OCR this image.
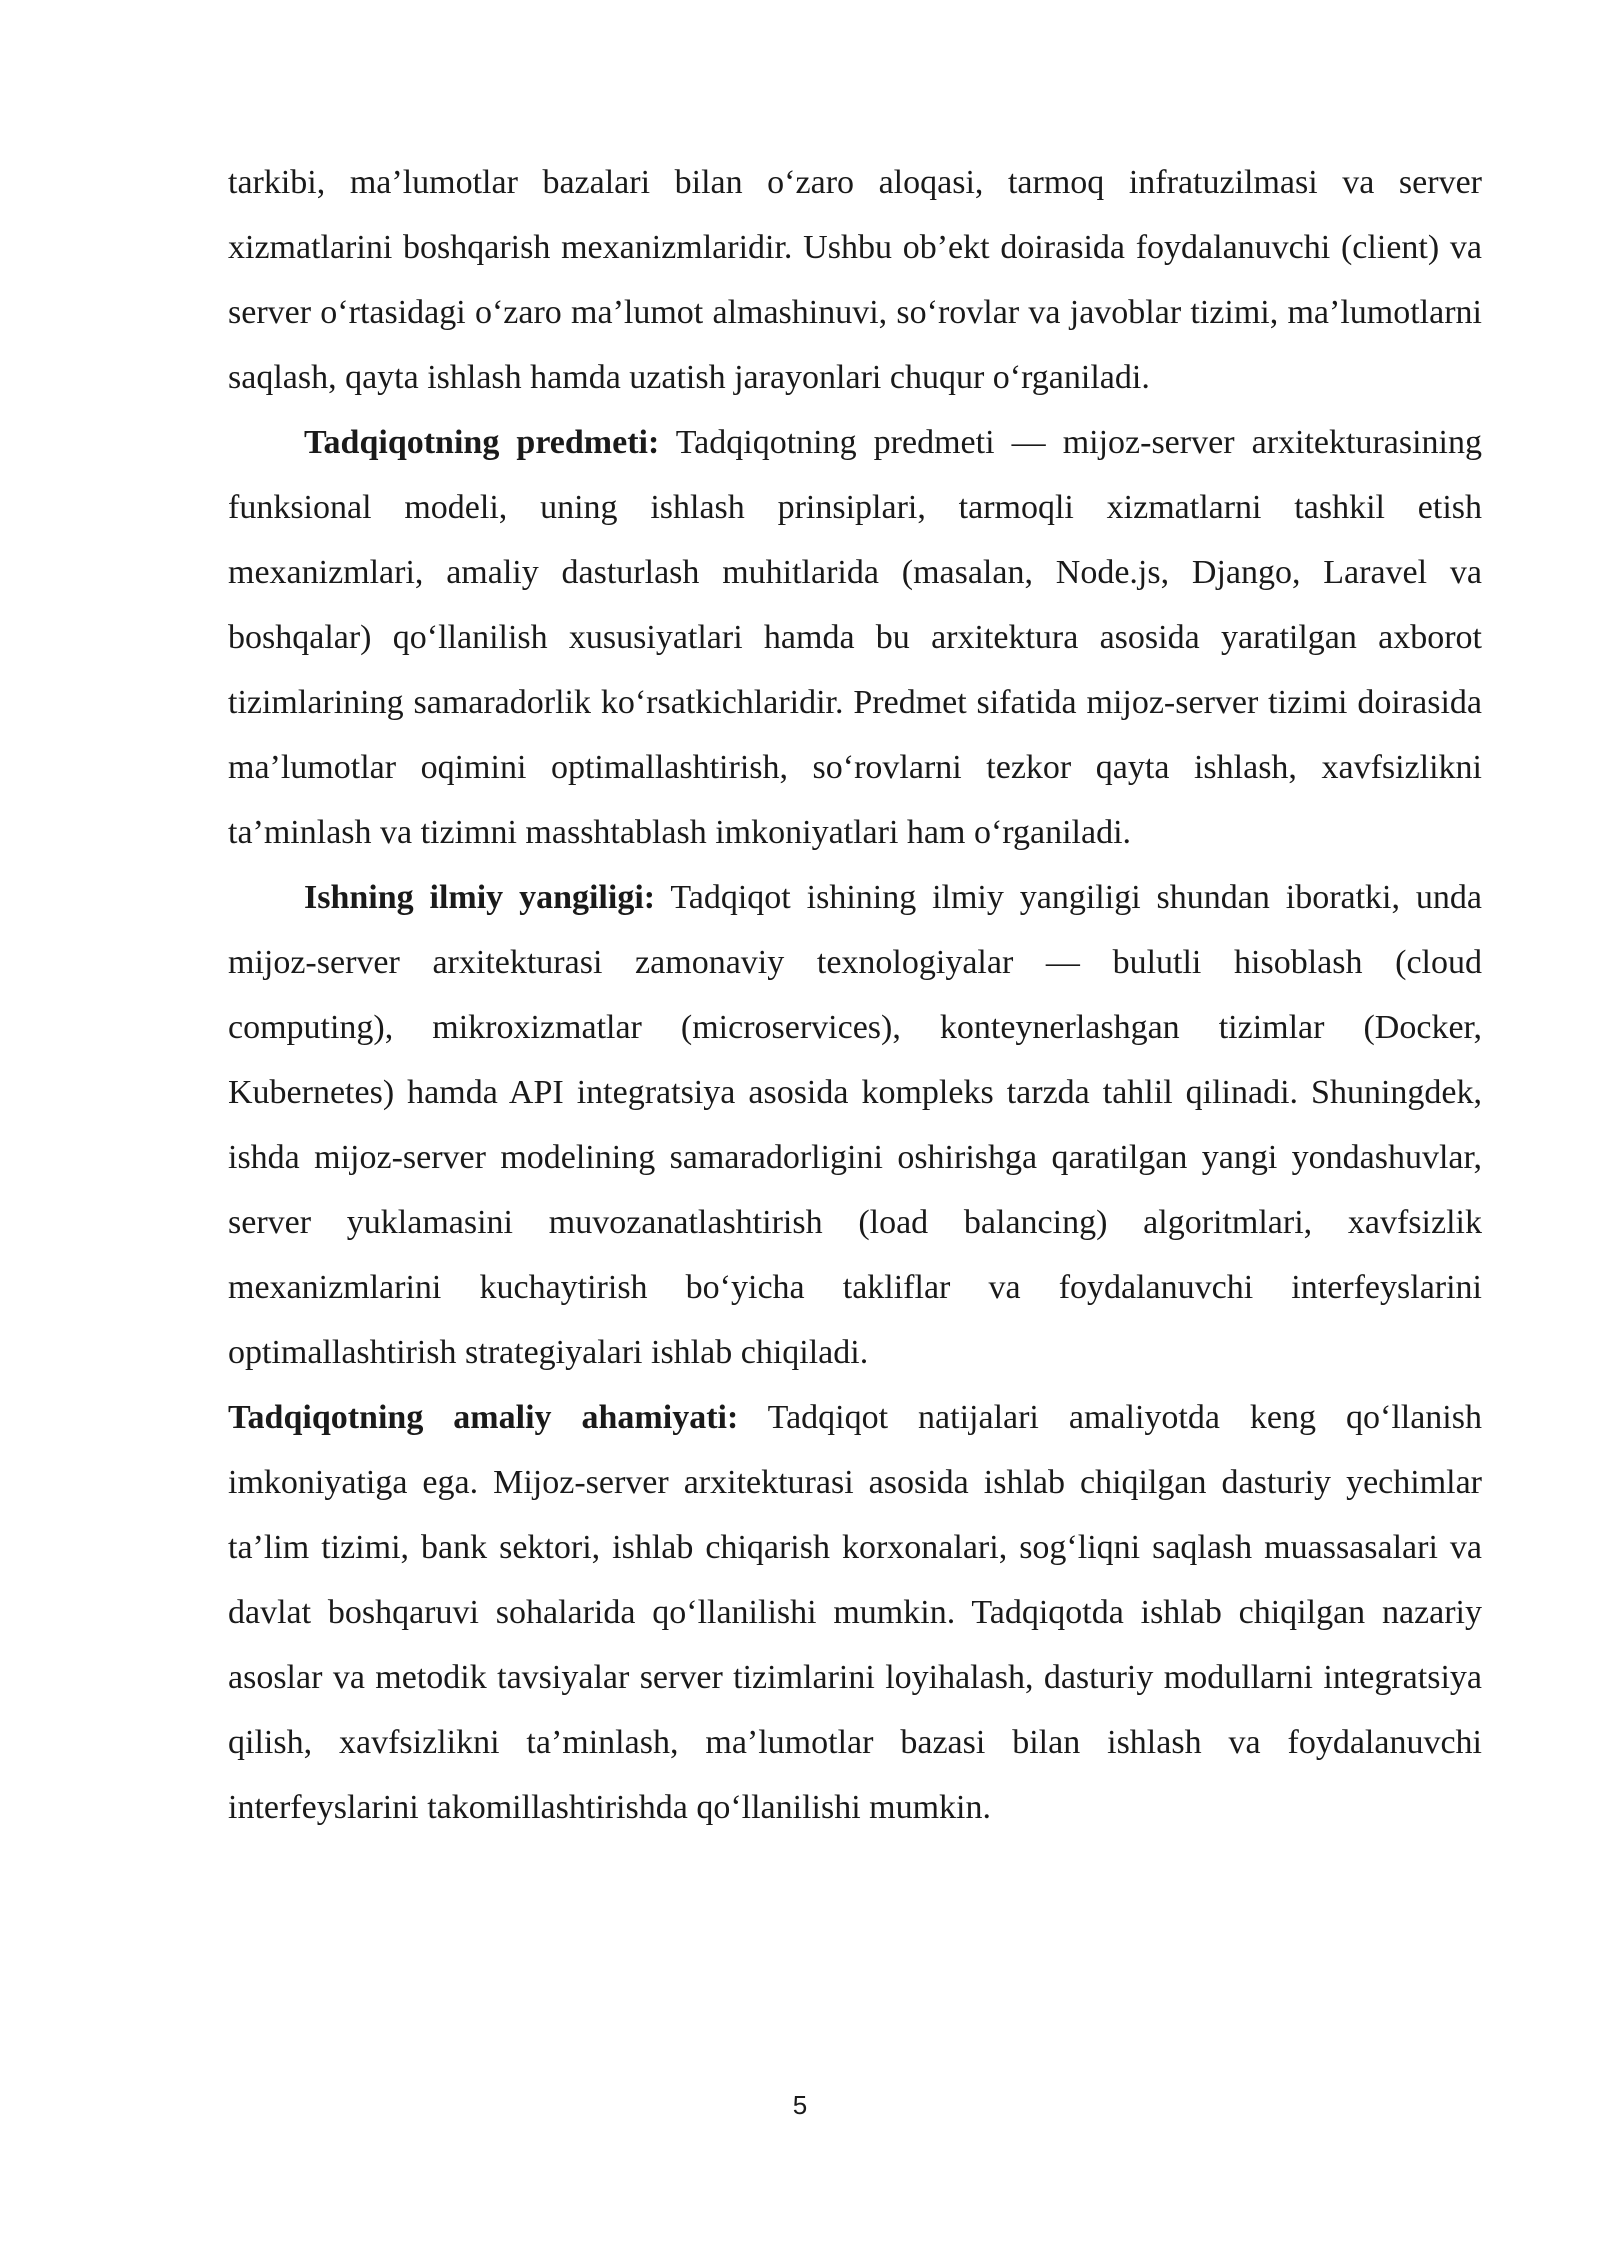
tarkibi, ma’lumotlar bazalari bilan o‘zaro aloqasi, tarmoq infratuzilmasi va server xizmatlarini boshqarish mexanizmlaridir. Ushbu ob’ekt doirasida foydalanuvchi (client) va server o‘rtasidagi o‘zaro ma’lumot almashinuvi, so‘rovlar va javoblar tizimi, ma’lumotlarni saqlash, qayta ishlash hamda uzatish jarayonlari chuqur o‘rganiladi.

Tadqiqotning predmeti: Tadqiqotning predmeti — mijoz-server arxitekturasining funksional modeli, uning ishlash prinsiplari, tarmoqli xizmatlarni tashkil etish mexanizmlari, amaliy dasturlash muhitlarida (masalan, Node.js, Django, Laravel va boshqalar) qo‘llanilish xususiyatlari hamda bu arxitektura asosida yaratilgan axborot tizimlarining samaradorlik ko‘rsatkichlaridir. Predmet sifatida mijoz-server tizimi doirasida ma’lumotlar oqimini optimallashtirish, so‘rovlarni tezkor qayta ishlash, xavfsizlikni ta’minlash va tizimni masshtablash imkoniyatlari ham o‘rganiladi.

Ishning ilmiy yangiligi: Tadqiqot ishining ilmiy yangiligi shundan iboratki, unda mijoz-server arxitekturasi zamonaviy texnologiyalar — bulutli hisoblash (cloud computing), mikroxizmatlar (microservices), konteynerlashgan tizimlar (Docker, Kubernetes) hamda API integratsiya asosida kompleks tarzda tahlil qilinadi. Shuningdek, ishda mijoz-server modelining samaradorligini oshirishga qaratilgan yangi yondashuvlar, server yuklamasini muvozanatlashtirish (load balancing) algoritmlari, xavfsizlik mexanizmlarini kuchaytirish bo‘yicha takliflar va foydalanuvchi interfeyslarini optimallashtirish strategiyalari ishlab chiqiladi.
Tadqiqotning amaliy ahamiyati: Tadqiqot natijalari amaliyotda keng qo‘llanish imkoniyatiga ega. Mijoz-server arxitekturasi asosida ishlab chiqilgan dasturiy yechimlar ta’lim tizimi, bank sektori, ishlab chiqarish korxonalari, sog‘liqni saqlash muassasalari va davlat boshqaruvi sohalarida qo‘llanilishi mumkin. Tadqiqotda ishlab chiqilgan nazariy asoslar va metodik tavsiyalar server tizimlarini loyihalash, dasturiy modullarni integratsiya qilish, xavfsizlikni ta’minlash, ma’lumotlar bazasi bilan ishlash va foydalanuvchi interfeyslarini takomillashtirishda qo‘llanilishi mumkin.

5
